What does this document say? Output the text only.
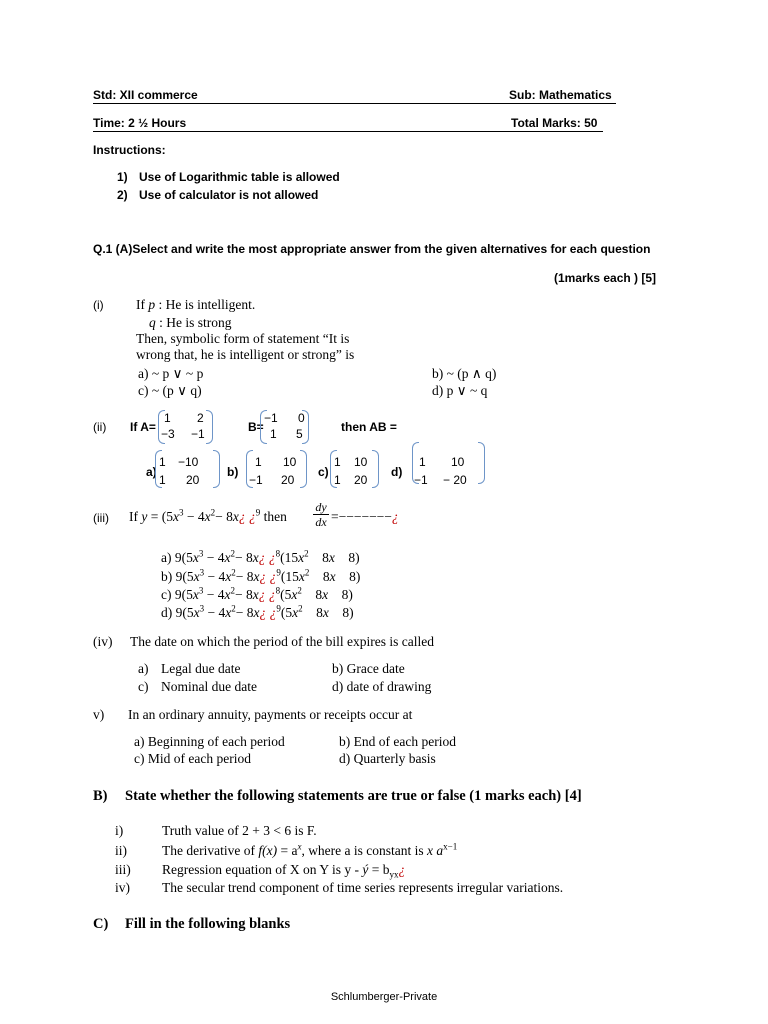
Std: XII commerce	Sub: Mathematics
Time: 2 ½ Hours	Total Marks: 50
Instructions:
1) Use of Logarithmic table is allowed
2) Use of calculator is not allowed
Q.1 (A)Select and write the most appropriate answer from the given alternatives for each question
(1marks each ) [5]
(i) If p : He is intelligent.
q : He is strong
Then, symbolic form of statement “It is
wrong that, he is intelligent or strong” is
a) ~ p ∨ ~ p	b) ~ (p ∧ q)
c) ~ (p ∨ q)	d) p ∨ ~ q
(ii) If A=
1 2
−3 −1	B=
−1 0
1 5	then AB =
a)
1 −10
1 20
b)
1 10
−1 20
c)
1 10
1 20
d)
1 10
−1 − 20
(iii) If $y = (5x^3 - 4x^2-$ 8x¿ ¿$^9$ then $\frac{dy}{dx}$ =−−−−−−−¿
a) $9(5x^3 - 4x^2-$ 8x¿ ¿$^8(15x^2$ 8x 8)
b) $9(5x^3 - 4x^2-$ 8x¿ ¿$^9(15x^2$ 8x 8)
c) $9(5x^3 - 4x^2-$ 8x¿ ¿$^8(5x^2$ 8x 8)
d) $9(5x^3 - 4x^2-$ 8x¿ ¿$^9(5x^2$ 8x 8)
(iv) The date on which the period of the bill expires is called
a) Legal due date	b) Grace date
c) Nominal due date	d) date of drawing
v) In an ordinary annuity, payments or receipts occur at
a) Beginning of each period	b) End of each period
c) Mid of each period	d) Quarterly basis
B) State whether the following statements are true or false (1 marks each) [4]
i)	Truth value of 2 + 3 < 6 is F.
ii)	The derivative of $f(x) = a^x$, where a is constant is x $a^{x-1}$
iii) Regression equation of X on Y is y - ý = $b_{yx}¿$
iv) The secular trend component of time series represents irregular variations.
C) Fill in the following blanks
Schlumberger-Private
